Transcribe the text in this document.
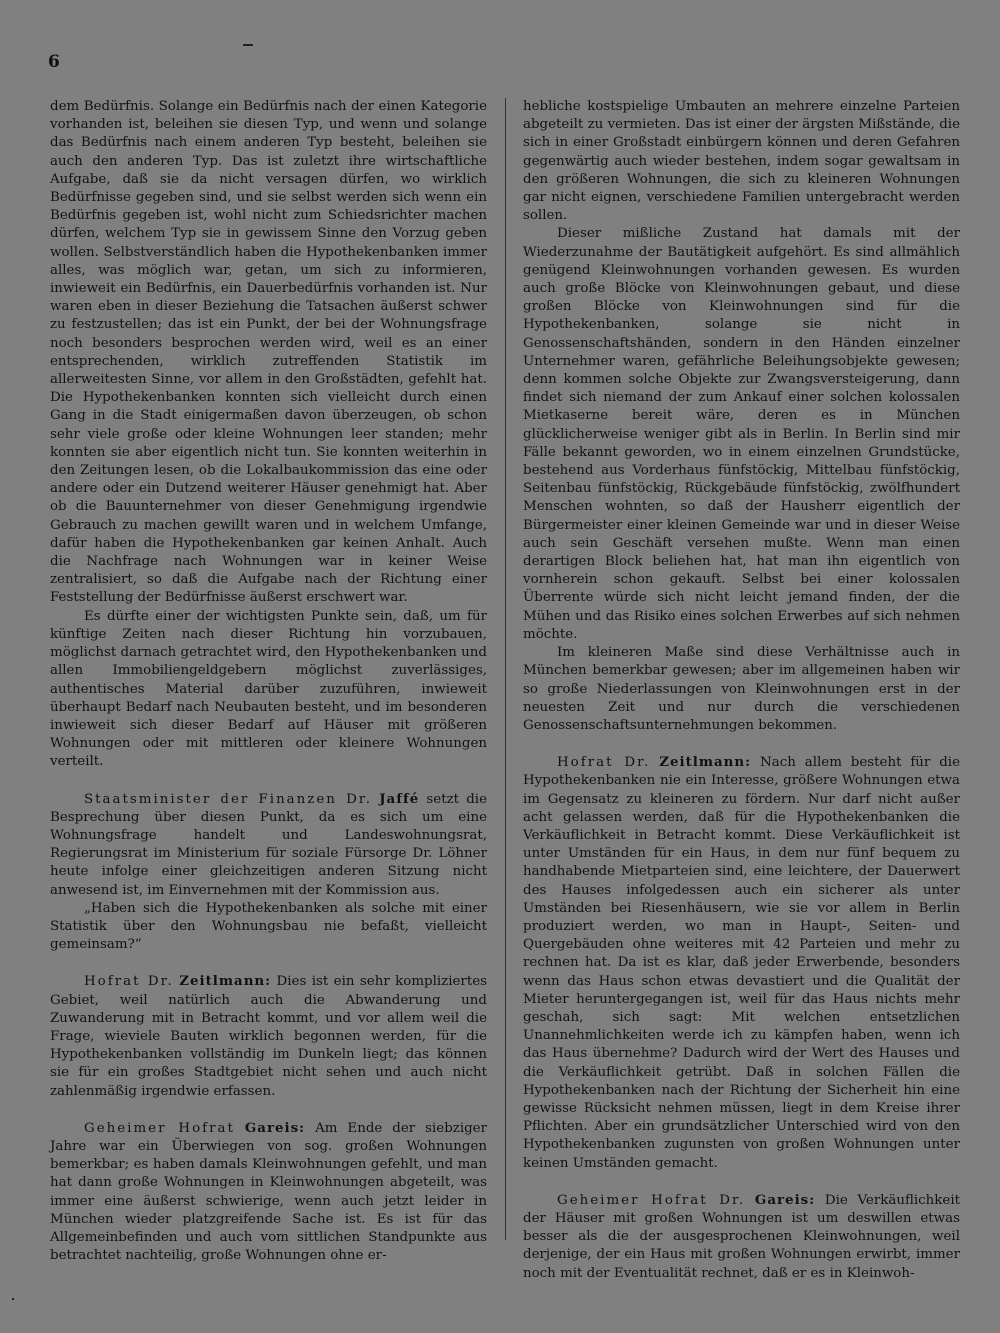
6

dem Bedürfnis. Solange ein Bedürfnis nach der einen Kategorie vorhanden ist, beleihen sie diesen Typ, und wenn und solange das Bedürfnis nach einem anderen Typ besteht, beleihen sie auch den anderen Typ. Das ist zuletzt ihre wirtschaftliche Aufgabe, daß sie da nicht versagen dürfen, wo wirklich Bedürfnisse gegeben sind, und sie selbst werden sich wenn ein Bedürfnis gegeben ist, wohl nicht zum Schiedsrichter machen dürfen, welchem Typ sie in gewissem Sinne den Vorzug geben wollen. Selbstverständlich haben die Hypothekenbanken immer alles, was möglich war, getan, um sich zu informieren, inwieweit ein Bedürfnis, ein Dauerbedürfnis vorhanden ist. Nur waren eben in dieser Beziehung die Tatsachen äußerst schwer zu festzustellen; das ist ein Punkt, der bei der Wohnungsfrage noch besonders besprochen werden wird, weil es an einer entsprechenden, wirklich zutreffenden Statistik im allerweitesten Sinne, vor allem in den Großstädten, gefehlt hat. Die Hypothekenbanken konnten sich vielleicht durch einen Gang in die Stadt einigermaßen davon überzeugen, ob schon sehr viele große oder kleine Wohnungen leer standen; mehr konnten sie aber eigentlich nicht tun. Sie konnten weiterhin in den Zeitungen lesen, ob die Lokalbaukommission das eine oder andere oder ein Dutzend weiterer Häuser genehmigt hat. Aber ob die Bauunternehmer von dieser Genehmigung irgendwie Gebrauch zu machen gewillt waren und in welchem Umfange, dafür haben die Hypothekenbanken gar keinen Anhalt. Auch die Nachfrage nach Wohnungen war in keiner Weise zentralisiert, so daß die Aufgabe nach der Richtung einer Feststellung der Bedürfnisse äußerst erschwert war.

Es dürfte einer der wichtigsten Punkte sein, daß, um für künftige Zeiten nach dieser Richtung hin vorzubauen, möglichst darnach getrachtet wird, den Hypothekenbanken und allen Immobiliengeldgebern möglichst zuverlässiges, authentisches Material darüber zuzuführen, inwieweit überhaupt Bedarf nach Neubauten besteht, und im besonderen inwieweit sich dieser Bedarf auf Häuser mit größeren Wohnungen oder mit mittleren oder kleinere Wohnungen verteilt.

Staatsminister der Finanzen Dr. Jaffé setzt die Besprechung über diesen Punkt, da es sich um eine Wohnungsfrage handelt und Landeswohnungsrat, Regierungsrat im Ministerium für soziale Fürsorge Dr. Löhner heute infolge einer gleichzeitigen anderen Sitzung nicht anwesend ist, im Einvernehmen mit der Kommission aus.

„Haben sich die Hypothekenbanken als solche mit einer Statistik über den Wohnungsbau nie befaßt, vielleicht gemeinsam?“

Hofrat Dr. Zeitlmann: Dies ist ein sehr kompliziertes Gebiet, weil natürlich auch die Abwanderung und Zuwanderung mit in Betracht kommt, und vor allem weil die Frage, wieviele Bauten wirklich begonnen werden, für die Hypothekenbanken vollständig im Dunkeln liegt; das können sie für ein großes Stadtgebiet nicht sehen und auch nicht zahlenmäßig irgendwie erfassen.

Geheimer Hofrat Gareis: Am Ende der siebziger Jahre war ein Überwiegen von sog. großen Wohnungen bemerkbar; es haben damals Kleinwohnungen gefehlt, und man hat dann große Wohnungen in Kleinwohnungen abgeteilt, was immer eine äußerst schwierige, wenn auch jetzt leider in München wieder platzgreifende Sache ist. Es ist für das Allgemeinbefinden und auch vom sittlichen Standpunkte aus betrachtet nachteilig, große Wohnungen ohne er-

hebliche kostspielige Umbauten an mehrere einzelne Parteien abgeteilt zu vermieten. Das ist einer der ärgsten Mißstände, die sich in einer Großstadt einbürgern können und deren Gefahren gegenwärtig auch wieder bestehen, indem sogar gewaltsam in den größeren Wohnungen, die sich zu kleineren Wohnungen gar nicht eignen, verschiedene Familien untergebracht werden sollen.

Dieser mißliche Zustand hat damals mit der Wiederzunahme der Bautätigkeit aufgehört. Es sind allmählich genügend Kleinwohnungen vorhanden gewesen. Es wurden auch große Blöcke von Kleinwohnungen gebaut, und diese großen Blöcke von Kleinwohnungen sind für die Hypothekenbanken, solange sie nicht in Genossenschaftshänden, sondern in den Händen einzelner Unternehmer waren, gefährliche Beleihungsobjekte gewesen; denn kommen solche Objekte zur Zwangsversteigerung, dann findet sich niemand der zum Ankauf einer solchen kolossalen Mietkaserne bereit wäre, deren es in München glücklicherweise weniger gibt als in Berlin. In Berlin sind mir Fälle bekannt geworden, wo in einem einzelnen Grundstücke, bestehend aus Vorderhaus fünfstöckig, Mittelbau fünfstöckig, Seitenbau fünfstöckig, Rückgebäude fünfstöckig, zwölfhundert Menschen wohnten, so daß der Hausherr eigentlich der Bürgermeister einer kleinen Gemeinde war und in dieser Weise auch sein Geschäft versehen mußte. Wenn man einen derartigen Block beliehen hat, hat man ihn eigentlich von vornherein schon gekauft. Selbst bei einer kolossalen Überrente würde sich nicht leicht jemand finden, der die Mühen und das Risiko eines solchen Erwerbes auf sich nehmen möchte.

Im kleineren Maße sind diese Verhältnisse auch in München bemerkbar gewesen; aber im allgemeinen haben wir so große Niederlassungen von Kleinwohnungen erst in der neuesten Zeit und nur durch die verschiedenen Genossenschaftsunternehmungen bekommen.

Hofrat Dr. Zeitlmann: Nach allem besteht für die Hypothekenbanken nie ein Interesse, größere Wohnungen etwa im Gegensatz zu kleineren zu fördern. Nur darf nicht außer acht gelassen werden, daß für die Hypothekenbanken die Verkäuflichkeit in Betracht kommt. Diese Verkäuflichkeit ist unter Umständen für ein Haus, in dem nur fünf bequem zu handhabende Mietparteien sind, eine leichtere, der Dauerwert des Hauses infolgedessen auch ein sicherer als unter Umständen bei Riesenhäusern, wie sie vor allem in Berlin produziert werden, wo man in Haupt-, Seiten- und Quergebäuden ohne weiteres mit 42 Parteien und mehr zu rechnen hat. Da ist es klar, daß jeder Erwerbende, besonders wenn das Haus schon etwas devastiert und die Qualität der Mieter heruntergegangen ist, weil für das Haus nichts mehr geschah, sich sagt: Mit welchen entsetzlichen Unannehmlichkeiten werde ich zu kämpfen haben, wenn ich das Haus übernehme? Dadurch wird der Wert des Hauses und die Verkäuflichkeit getrübt. Daß in solchen Fällen die Hypothekenbanken nach der Richtung der Sicherheit hin eine gewisse Rücksicht nehmen müssen, liegt in dem Kreise ihrer Pflichten. Aber ein grundsätzlicher Unterschied wird von den Hypothekenbanken zugunsten von großen Wohnungen unter keinen Umständen gemacht.

Geheimer Hofrat Dr. Gareis: Die Verkäuflichkeit der Häuser mit großen Wohnungen ist um deswillen etwas besser als die der ausgesprochenen Kleinwohnungen, weil derjenige, der ein Haus mit großen Wohnungen erwirbt, immer noch mit der Eventualität rechnet, daß er es in Kleinwoh-
